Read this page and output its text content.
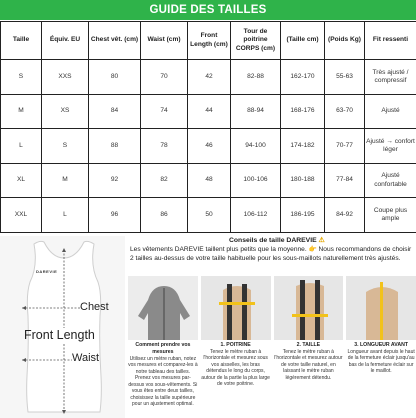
GUIDE DES TAILLES
Taille	Équiv. EU	Chest vêt. (cm)	Waist (cm)	Front Length (cm)	Tour de poitrine CORPS (cm)	(Taille cm)	(Poids Kg)	Fit ressenti
S	XXS	80	70	42	82-88	162-170	55-63	Très ajusté / compressif
M	XS	84	74	44	88-94	168-176	63-70	Ajusté
L	S	88	78	46	94-100	174-182	70-77	Ajusté → confort léger
XL	M	92	82	48	100-106	180-188	77-84	Ajusté confortable
XXL	L	96	86	50	106-112	186-195	84-92	Coupe plus ample
DAREVIE
Chest
Front Length
Waist
Conseils de taille DAREVIE ⚠
Les vêtements DAREVIE taillent plus petits que la moyenne. 👉 Nous recommandons de choisir 2 tailles au-dessus de votre taille habituelle pour les sous-maillots naturellement très ajustés.
Comment prendre vos mesures
Utilisez un mètre ruban, notez vos mesures et comparez-les à notre tableau des tailles. Prenez vos mesures par-dessus vos sous-vêtements. Si vous êtes entre deux tailles, choisissez la taille supérieure pour un ajustement optimal.
1. POITRINE
Tenez le mètre ruban à l'horizontale et mesurez sous vos aisselles, les bras détendus le long du corps, autour de la partie la plus large de votre poitrine.
2. TAILLE
Tenez le mètre ruban à l'horizontale et mesurez autour de votre taille naturel, en laissant le mètre ruban légèrement détendu.
3. LONGUEUR AVANT
Longueur avant depuis le haut de la fermeture éclair jusqu'au bas de la fermeture éclair sur le maillot.
